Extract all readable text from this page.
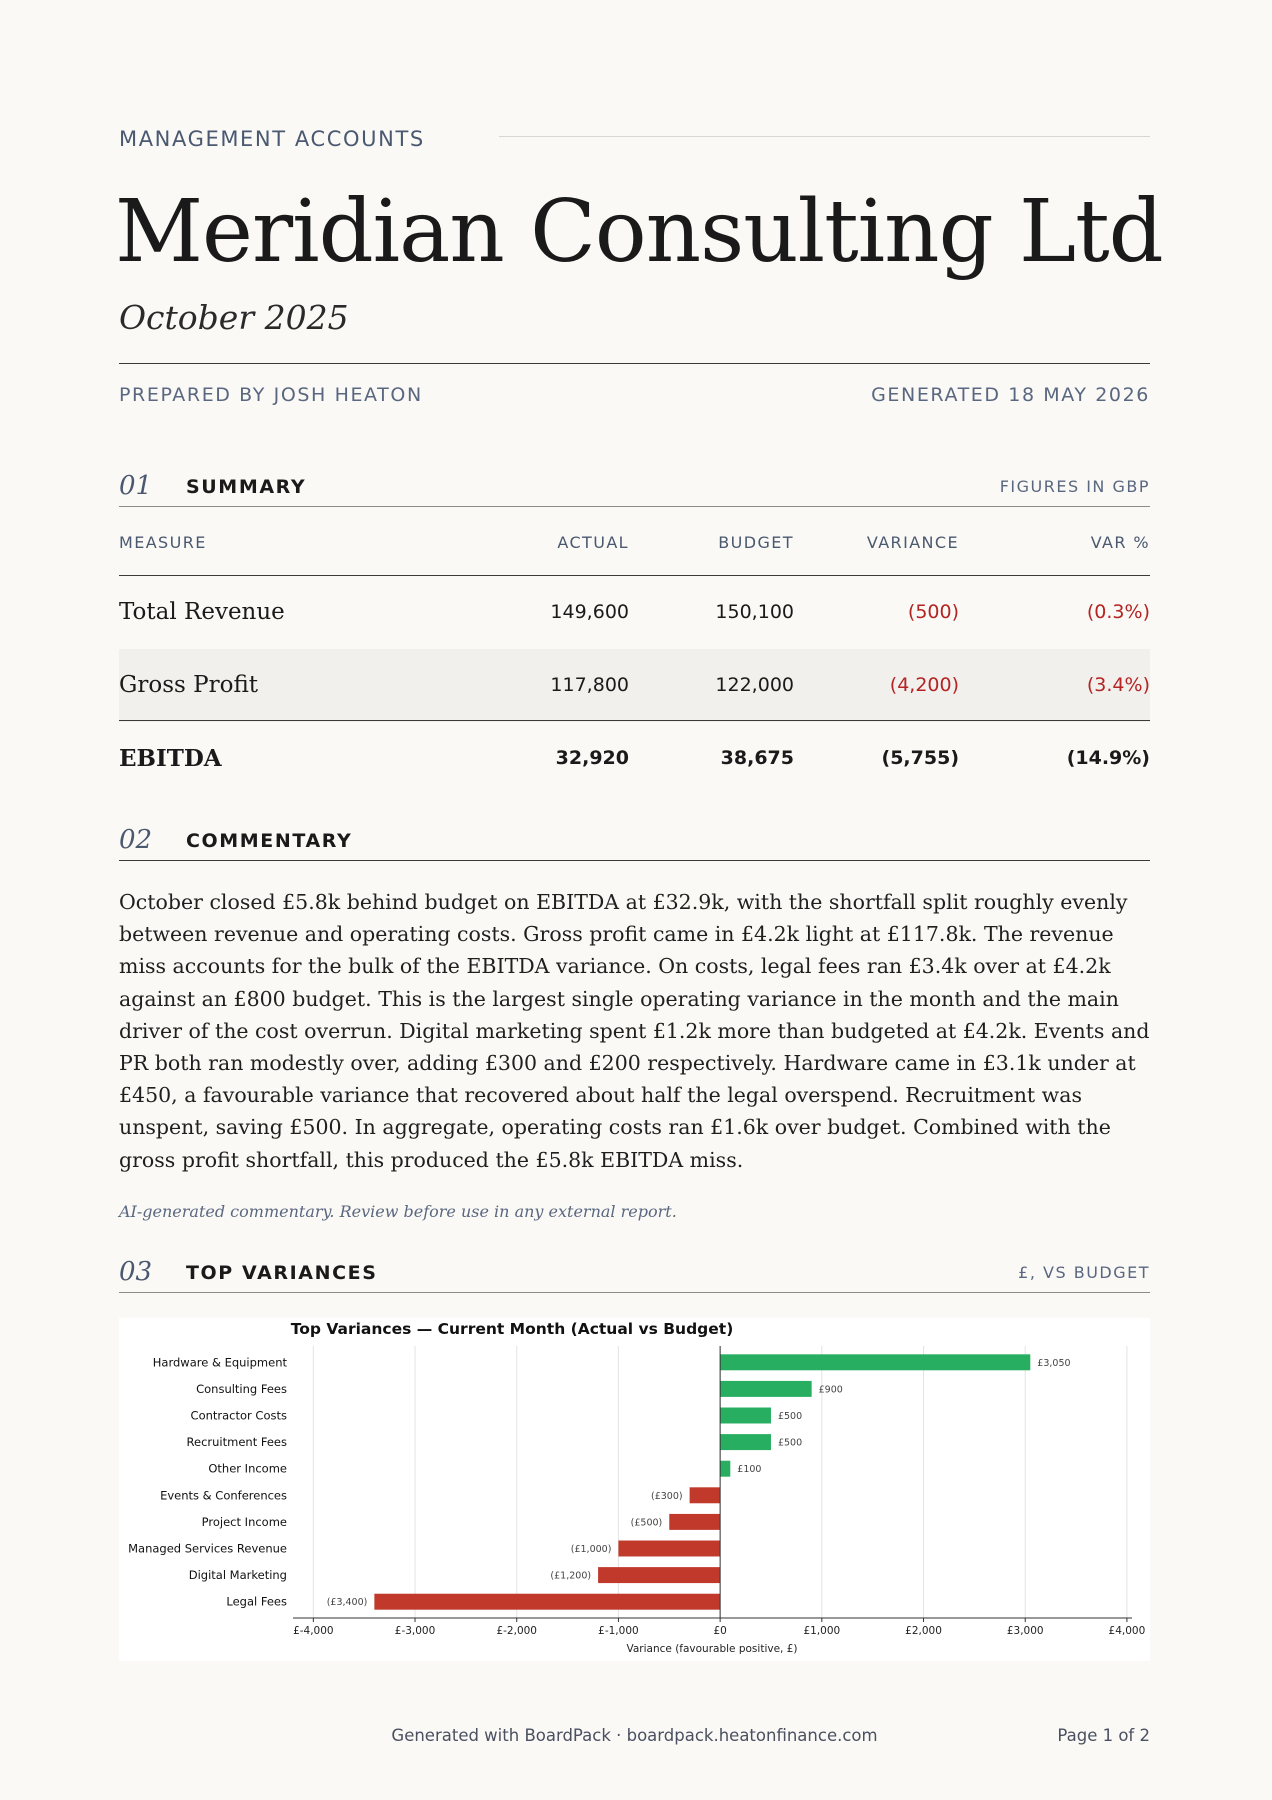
MANAGEMENT ACCOUNTS
Meridian Consulting Ltd
October 2025
PREPARED BY JOSH HEATON	GENERATED 18 MAY 2026
01 SUMMARY	FIGURES IN GBP
MEASURE	ACTUAL	BUDGET	VARIANCE	VAR %
Total Revenue	149,600	150,100	(500)	(0.3%)
Gross Profit	117,800	122,000	(4,200)	(3.4%)
EBITDA	32,920	38,675	(5,755)	(14.9%)
02 COMMENTARY
October closed £5.8k behind budget on EBITDA at £32.9k, with the shortfall split roughly evenly between revenue and operating costs. Gross profit came in £4.2k light at £117.8k. The revenue miss accounts for the bulk of the EBITDA variance. On costs, legal fees ran £3.4k over at £4.2k against an £800 budget. This is the largest single operating variance in the month and the main driver of the cost overrun. Digital marketing spent £1.2k more than budgeted at £4.2k. Events and PR both ran modestly over, adding £300 and £200 respectively. Hardware came in £3.1k under at £450, a favourable variance that recovered about half the legal overspend. Recruitment was unspent, saving £500. In aggregate, operating costs ran £1.6k over budget. Combined with the gross profit shortfall, this produced the £5.8k EBITDA miss.
AI-generated commentary. Review before use in any external report.
03 TOP VARIANCES	£, VS BUDGET
Hardware & Equipment	£3,050
Consulting Fees	£900
Contractor Costs	£500
Recruitment Fees	£500
Other Income	£100
Events & Conferences	(£300)
Project Income	(£500)
Managed Services Revenue	(£1,000)
Digital Marketing	(£1,200)
Legal Fees	(£3,400)
£-4,000	£-3,000	£-2,000	£-1,000	£0	£1,000	£2,000	£3,000	£4,000
Top Variances — Current Month (Actual vs Budget)
Variance (favourable positive, £)
Generated with BoardPack · boardpack.heatonfinance.com	Page 1 of 2
